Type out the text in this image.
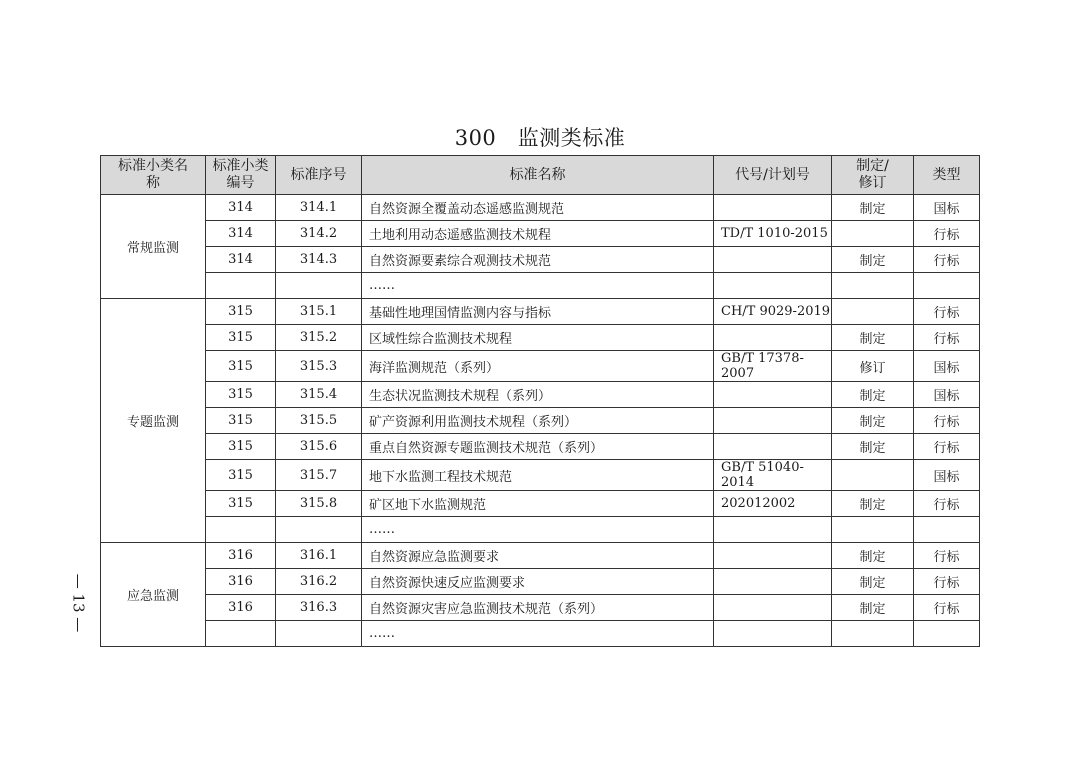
300　监测类标准
标准小类名称	标准小类编号	标准序号	标准名称	代号/计划号	制定/修订	类型
常规监测	314	314.1	自然资源全覆盖动态遥感监测规范		制定	国标
	314	314.2	土地利用动态遥感监测技术规程	TD/T 1010-2015		行标
	314	314.3	自然资源要素综合观测技术规范		制定	行标
			……			
专题监测	315	315.1	基础性地理国情监测内容与指标	CH/T 9029-2019		行标
	315	315.2	区域性综合监测技术规程		制定	行标
	315	315.3	海洋监测规范（系列）	GB/T 17378-2007	修订	国标
	315	315.4	生态状况监测技术规程（系列）		制定	国标
	315	315.5	矿产资源利用监测技术规程（系列）		制定	行标
	315	315.6	重点自然资源专题监测技术规范（系列）		制定	行标
	315	315.7	地下水监测工程技术规范	GB/T 51040-2014		国标
	315	315.8	矿区地下水监测规范	202012002	制定	行标
			……			
应急监测	316	316.1	自然资源应急监测要求		制定	行标
	316	316.2	自然资源快速反应监测要求		制定	行标
	316	316.3	自然资源灾害应急监测技术规范（系列）		制定	行标
			……			
— 13 —
